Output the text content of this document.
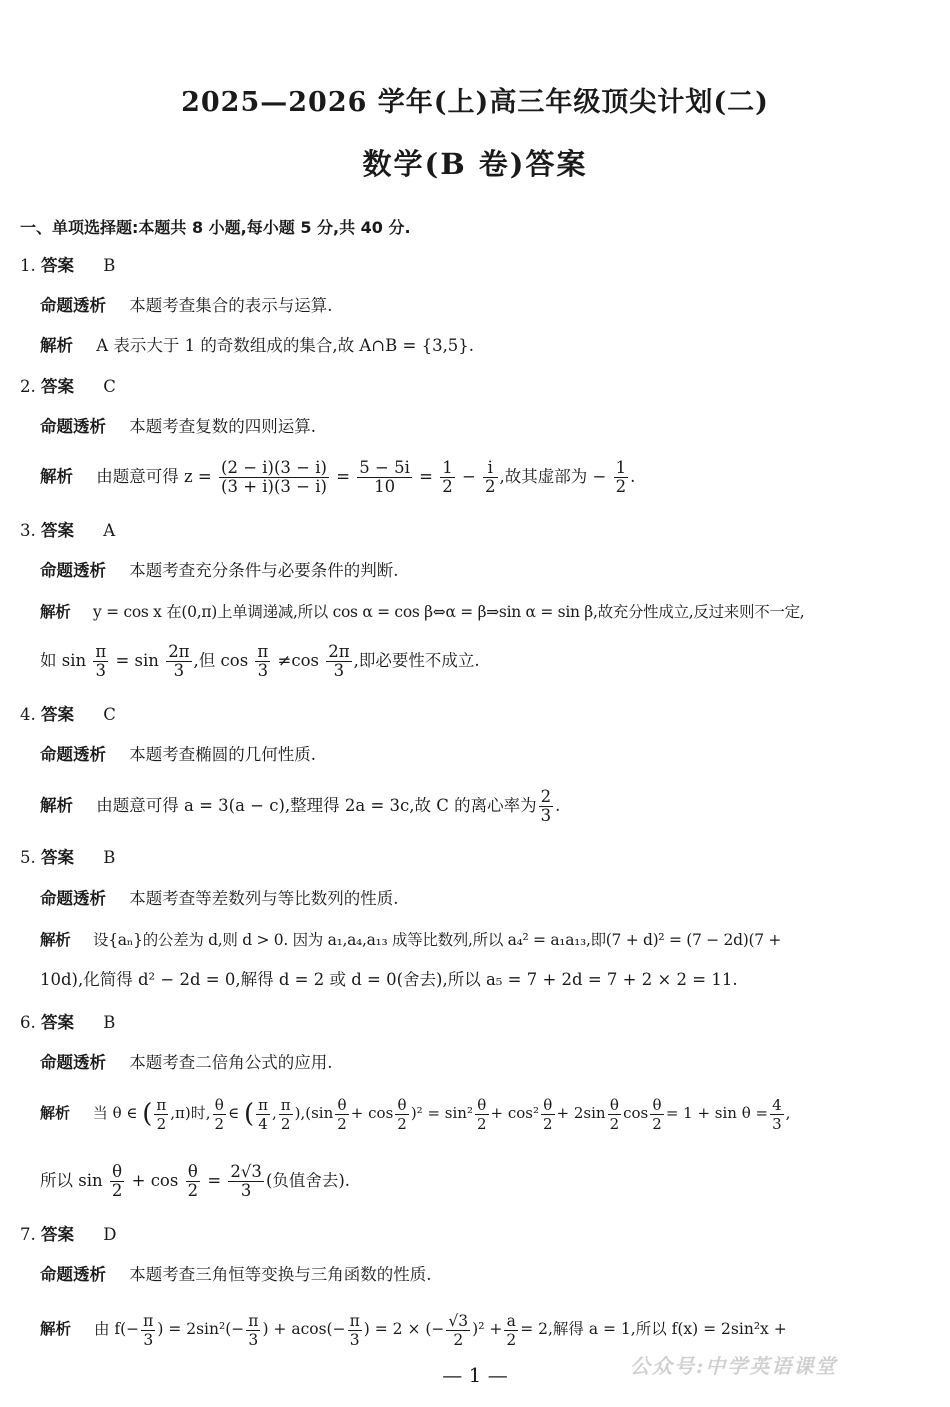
2025—2026 学年(上)高三年级顶尖计划(二)
数学(B 卷)答案
一、单项选择题:本题共 8 小题,每小题 5 分,共 40 分.
1. 答案 B
命题透析 本题考查集合的表示与运算.
解析 A 表示大于 1 的奇数组成的集合,故 A∩B = {3,5}.
2. 答案 C
命题透析 本题考查复数的四则运算.
解析 由题意可得 $z = \frac{(2 - i)(3 - i)}{(3 + i)(3 - i)} = \frac{5 - 5i}{10} = \frac{1}{2} - \frac{i}{2}$ ,故其虚部为 − $\frac{1}{2}$ .
3. 答案 A
命题透析 本题考查充分条件与必要条件的判断.
解析 y = cos x 在(0,π)上单调递减,所以 cos α = cos β⇔α = β⇒sin α = sin β,故充分性成立,反过来则不一定,
如 $\sin \frac{\pi}{3} = \sin \frac{2\pi}{3}$ ,但 $\cos \frac{\pi}{3} \ne\cos \frac{2\pi}{3}$ ,即必要性不成立.
4. 答案 C
命题透析 本题考查椭圆的几何性质.
解析 由题意可得 a = 3(a − c),整理得 2a = 3c,故 C 的离心率为 $\frac{2}{3}$ .
5. 答案 B
命题透析 本题考查等差数列与等比数列的性质.
解析 设{aₙ}的公差为 d,则 d > 0. 因为 a₁,a₄,a₁₃ 成等比数列,所以 a₄² = a₁a₁₃,即(7 + d)² = (7 − 2d)(7 +
10d),化简得 d² − 2d = 0,解得 d = 2 或 d = 0(舍去),所以 a₅ = 7 + 2d = 7 + 2 × 2 = 11.
6. 答案 B
命题透析 本题考查二倍角公式的应用.
解析 当 θ ∈ ( $\frac{\pi}{2} ,\pi$)时, $\frac{\theta}{2}$ ∈ ( $\frac{\pi}{4}$ , $\frac{\pi}{2} ),(\sin \frac{\theta}{2} + \cos \frac{\theta}{2} )^2 = \sin^2 \frac{\theta}{2} + \cos^2 \frac{\theta}{2} + 2\sin \frac{\theta}{2}$ $\cos \frac{\theta}{2} = 1 + \sin \theta = \frac{4}{3}$ ,
所以 $\sin \frac{\theta}{2} + \cos \frac{\theta}{2} = \frac{2√3}{3}$ (负值舍去).
7. 答案 D
命题透析 本题考查三角恒等变换与三角函数的性质.
解析 由 $f(- \frac{\pi}{3}$ ) = $2\sin^2(- \frac{\pi}{3}$ ) + $acos(- \frac{\pi}{3}$ ) = 2 × (− $\frac{√3}{2} )^2 + \frac{a}{2} = 2$,解得 a = 1,所以 f(x) = 2sin²x +
公众号:中学英语课堂
— 1 —
